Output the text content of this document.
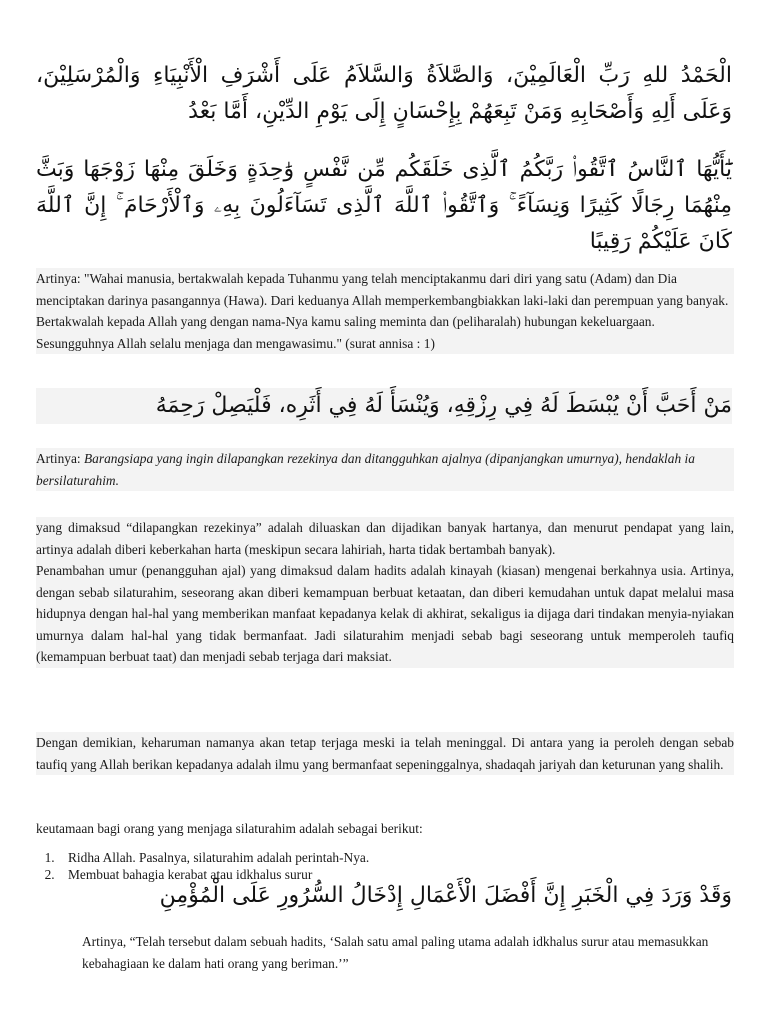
الْحَمْدُ للهِ رَبِّ الْعَالَمِيْنَ، وَالصَّلاَةُ وَالسَّلاَمُ عَلَى أَشْرَفِ الْأَنْبِيَاءِ وَالْمُرْسَلِيْنَ، وَعَلَى أَلِهِ وَأَصْحَابِهِ وَمَنْ تَبِعَهُمْ بِإِحْسَانٍ إِلَى يَوْمِ الدِّيْنِ، أَمَّا بَعْدُ

يَٰٓأَيُّهَا ٱلنَّاسُ ٱتَّقُوا۟ رَبَّكُمُ ٱلَّذِى خَلَقَكُم مِّن نَّفْسٍ وَٰحِدَةٍ وَخَلَقَ مِنْهَا زَوْجَهَا وَبَثَّ مِنْهُمَا رِجَالًا كَثِيرًا وَنِسَآءً ۚ وَٱتَّقُوا۟ ٱللَّهَ ٱلَّذِى تَسَآءَلُونَ بِهِۦ وَٱلْأَرْحَامَ ۚ إِنَّ ٱللَّهَ كَانَ عَلَيْكُمْ رَقِيبًا

Artinya: "Wahai manusia, bertakwalah kepada Tuhanmu yang telah menciptakanmu dari diri yang satu (Adam) dan Dia menciptakan darinya pasangannya (Hawa). Dari keduanya Allah memperkembangbiakkan laki-laki dan perempuan yang banyak. Bertakwalah kepada Allah yang dengan nama-Nya kamu saling meminta dan (peliharalah) hubungan kekeluargaan. Sesungguhnya Allah selalu menjaga dan mengawasimu." (surat annisa : 1)

مَنْ أَحَبَّ أَنْ يُبْسَطَ لَهُ فِي رِزْقِهِ، وَيُنْسَأَ لَهُ فِي أَثَرِه، فَلْيَصِلْ رَحِمَهُ

Artinya: Barangsiapa yang ingin dilapangkan rezekinya dan ditangguhkan ajalnya (dipanjangkan umurnya), hendaklah ia bersilaturahim.

yang dimaksud “dilapangkan rezekinya” adalah diluaskan dan dijadikan banyak hartanya, dan menurut pendapat yang lain, artinya adalah diberi keberkahan harta (meskipun secara lahiriah, harta tidak bertambah banyak).

Penambahan umur (penangguhan ajal) yang dimaksud dalam hadits adalah kinayah (kiasan) mengenai berkahnya usia. Artinya, dengan sebab silaturahim, seseorang akan diberi kemampuan berbuat ketaatan, dan diberi kemudahan untuk dapat melalui masa hidupnya dengan hal-hal yang memberikan manfaat kepadanya kelak di akhirat, sekaligus ia dijaga dari tindakan menyia-nyiakan umurnya dalam hal-hal yang tidak bermanfaat. Jadi silaturahim menjadi sebab bagi seseorang untuk memperoleh taufiq (kemampuan berbuat taat) dan menjadi sebab terjaga dari maksiat.

Dengan demikian, keharuman namanya akan tetap terjaga meski ia telah meninggal. Di antara yang ia peroleh dengan sebab taufiq yang Allah berikan kepadanya adalah ilmu yang bermanfaat sepeninggalnya, shadaqah jariyah dan keturunan yang shalih.

keutamaan bagi orang yang menjaga silaturahim adalah sebagai berikut:

1. Ridha Allah. Pasalnya, silaturahim adalah perintah-Nya.
2. Membuat bahagia kerabat atau idkhalus surur

وَقَدْ وَرَدَ فِي الْخَبَرِ إِنَّ أَفْضَلَ الْأَعْمَالِ إِدْخَالُ السُّرُورِ عَلَى الْمُؤْمِنِ

Artinya, “Telah tersebut dalam sebuah hadits, ‘Salah satu amal paling utama adalah idkhalus surur atau memasukkan kebahagiaan ke dalam hati orang yang beriman.’”
